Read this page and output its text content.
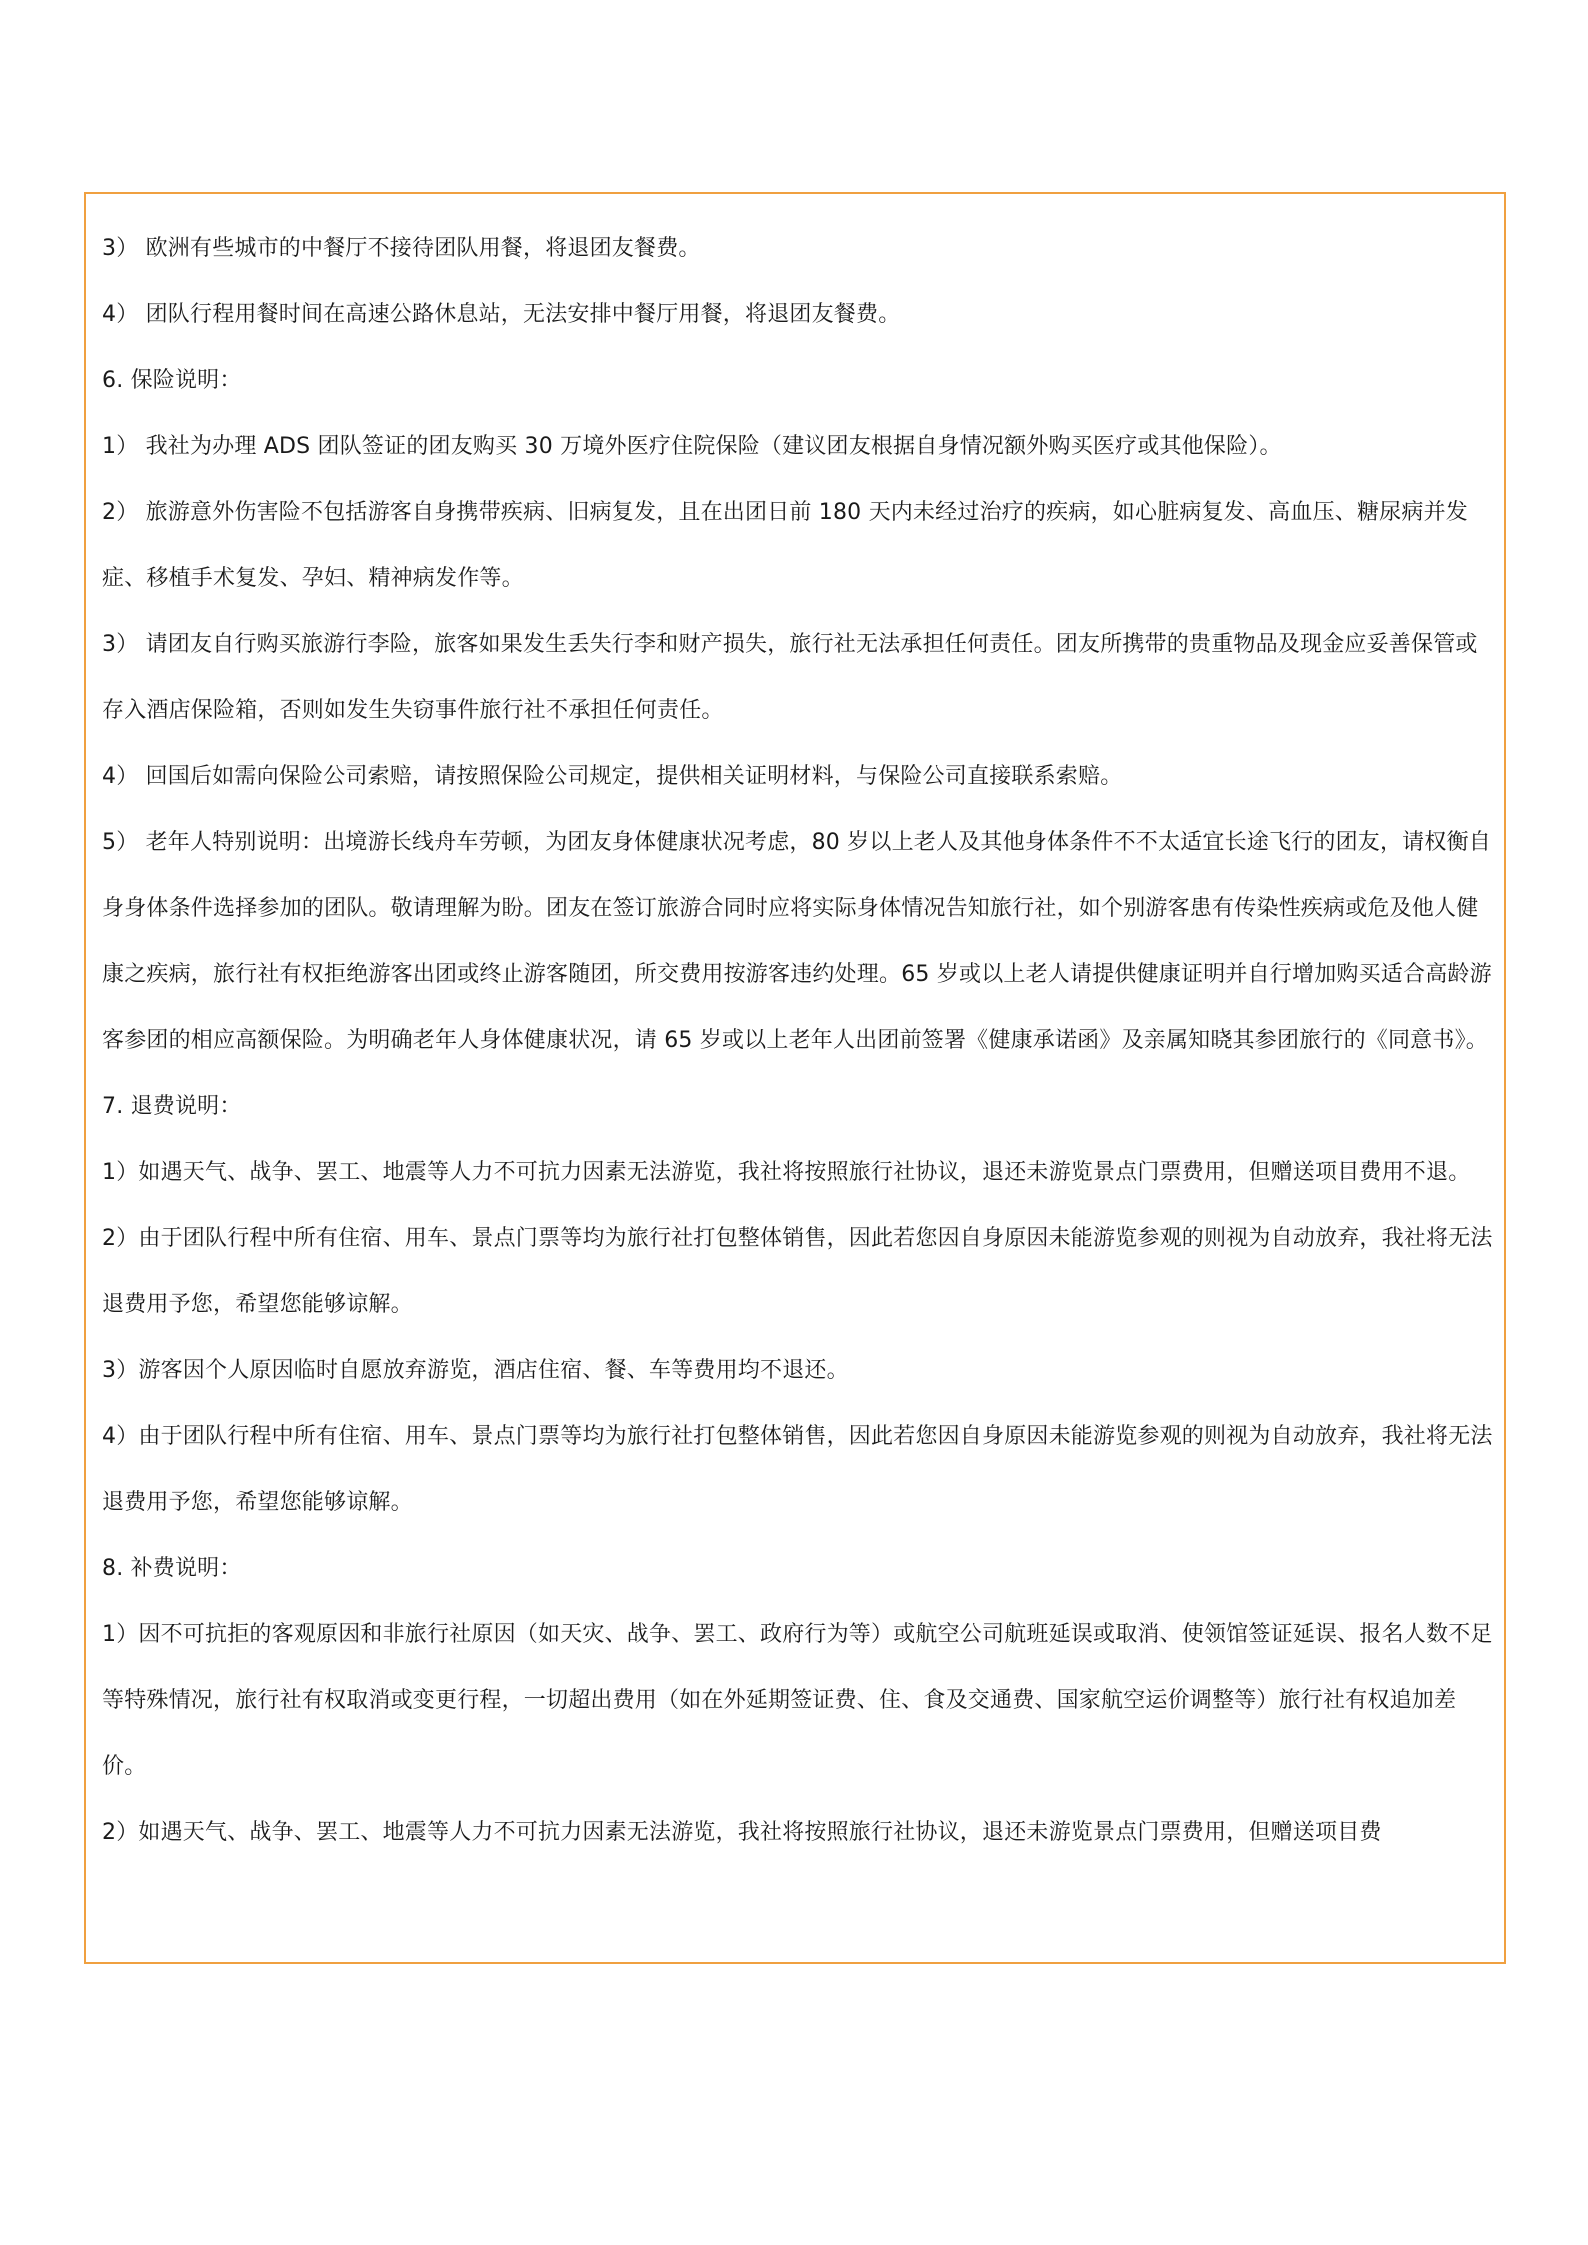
3） 欧洲有些城市的中餐厅不接待团队用餐，将退团友餐费。

4） 团队行程用餐时间在高速公路休息站，无法安排中餐厅用餐，将退团友餐费。

6. 保险说明：

1） 我社为办理 ADS 团队签证的团友购买 30 万境外医疗住院保险（建议团友根据自身情况额外购买医疗或其他保险）。

2） 旅游意外伤害险不包括游客自身携带疾病、旧病复发，且在出团日前 180 天内未经过治疗的疾病，如心脏病复发、高血压、糖尿病并发症、移植手术复发、孕妇、精神病发作等。

3） 请团友自行购买旅游行李险，旅客如果发生丢失行李和财产损失，旅行社无法承担任何责任。团友所携带的贵重物品及现金应妥善保管或存入酒店保险箱，否则如发生失窃事件旅行社不承担任何责任。

4） 回国后如需向保险公司索赔，请按照保险公司规定，提供相关证明材料，与保险公司直接联系索赔。

5） 老年人特别说明：出境游长线舟车劳顿，为团友身体健康状况考虑，80 岁以上老人及其他身体条件不不太适宜长途飞行的团友，请权衡自身身体条件选择参加的团队。敬请理解为盼。团友在签订旅游合同时应将实际身体情况告知旅行社，如个别游客患有传染性疾病或危及他人健康之疾病，旅行社有权拒绝游客出团或终止游客随团，所交费用按游客违约处理。65 岁或以上老人请提供健康证明并自行增加购买适合高龄游客参团的相应高额保险。为明确老年人身体健康状况，请 65 岁或以上老年人出团前签署《健康承诺函》及亲属知晓其参团旅行的《同意书》。

7. 退费说明：

1）如遇天气、战争、罢工、地震等人力不可抗力因素无法游览，我社将按照旅行社协议，退还未游览景点门票费用，但赠送项目费用不退。

2）由于团队行程中所有住宿、用车、景点门票等均为旅行社打包整体销售，因此若您因自身原因未能游览参观的则视为自动放弃，我社将无法退费用予您，希望您能够谅解。

3）游客因个人原因临时自愿放弃游览，酒店住宿、餐、车等费用均不退还。

4）由于团队行程中所有住宿、用车、景点门票等均为旅行社打包整体销售，因此若您因自身原因未能游览参观的则视为自动放弃，我社将无法退费用予您，希望您能够谅解。

8. 补费说明：

1）因不可抗拒的客观原因和非旅行社原因（如天灾、战争、罢工、政府行为等）或航空公司航班延误或取消、使领馆签证延误、报名人数不足等特殊情况，旅行社有权取消或变更行程，一切超出费用（如在外延期签证费、住、食及交通费、国家航空运价调整等）旅行社有权追加差价。

2）如遇天气、战争、罢工、地震等人力不可抗力因素无法游览，我社将按照旅行社协议，退还未游览景点门票费用，但赠送项目费
